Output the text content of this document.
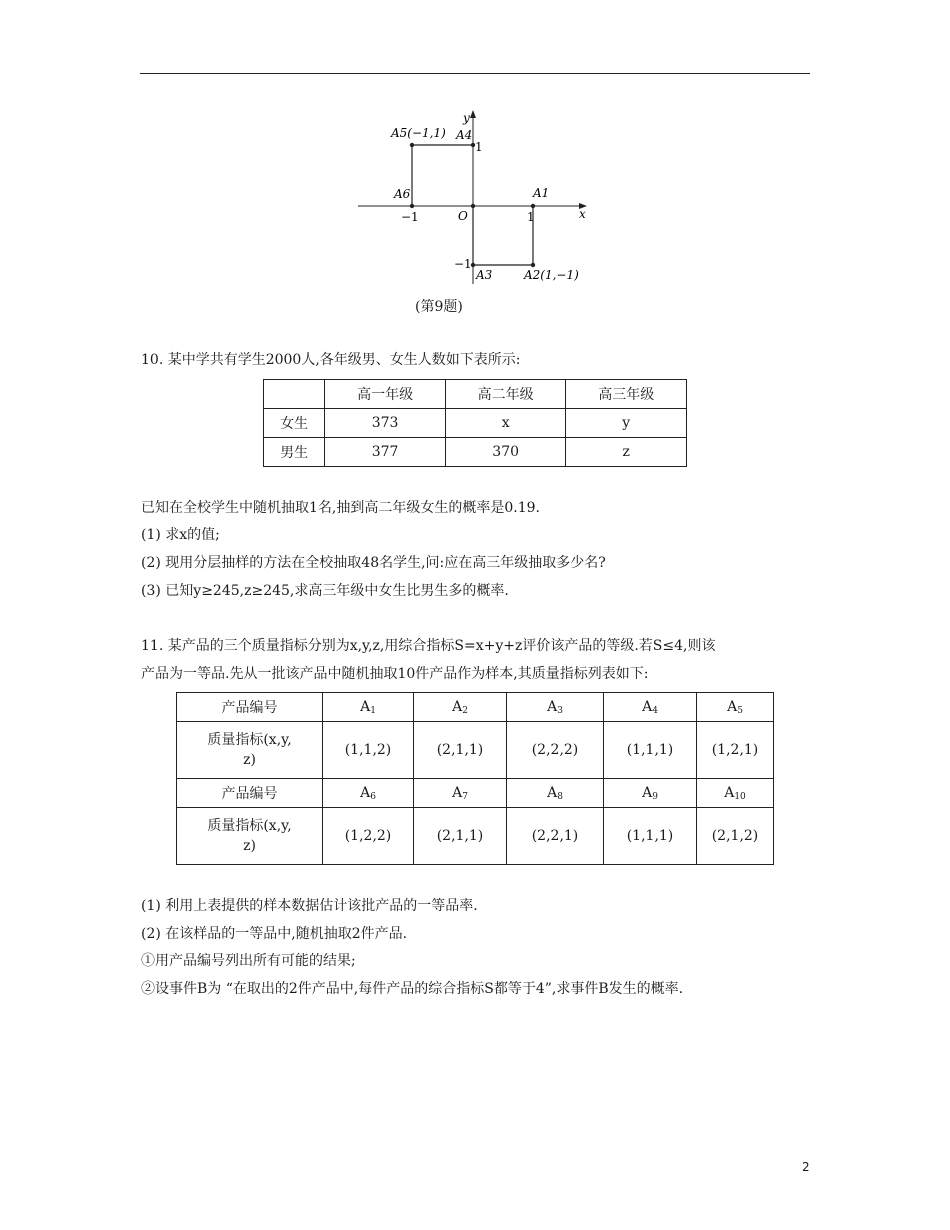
y
x
O
−1	1
1
−1
A5(−1,1) A4
A6	A1
A3	A2(1,−1)
(第9题)
10. 某中学共有学生2000人,各年级男、女生人数如下表所示:
	高一年级	高二年级	高三年级
女生	373	x	y
男生	377	370	z
已知在全校学生中随机抽取1名,抽到高二年级女生的概率是0.19.
(1) 求x的值;
(2) 现用分层抽样的方法在全校抽取48名学生,问:应在高三年级抽取多少名?
(3) 已知y≥245,z≥245,求高三年级中女生比男生多的概率.
11. 某产品的三个质量指标分别为x,y,z,用综合指标S=x+y+z评价该产品的等级.若S≤4,则该
产品为一等品.先从一批该产品中随机抽取10件产品作为样本,其质量指标列表如下:
产品编号	$A_1$	$A_2$	$A_3$	$A_4$	$A_5$
质量指标(x,y,
z)	(1,1,2)	(2,1,1)	(2,2,2)	(1,1,1)	(1,2,1)
产品编号	$A_6$	$A_7$	$A_8$	$A_9$	$A_{10}$
质量指标(x,y,
z)	(1,2,2)	(2,1,1)	(2,2,1)	(1,1,1)	(2,1,2)
(1) 利用上表提供的样本数据估计该批产品的一等品率.
(2) 在该样品的一等品中,随机抽取2件产品.
①用产品编号列出所有可能的结果;
②设事件B为 “在取出的2件产品中,每件产品的综合指标S都等于4”,求事件B发生的概率.
2
